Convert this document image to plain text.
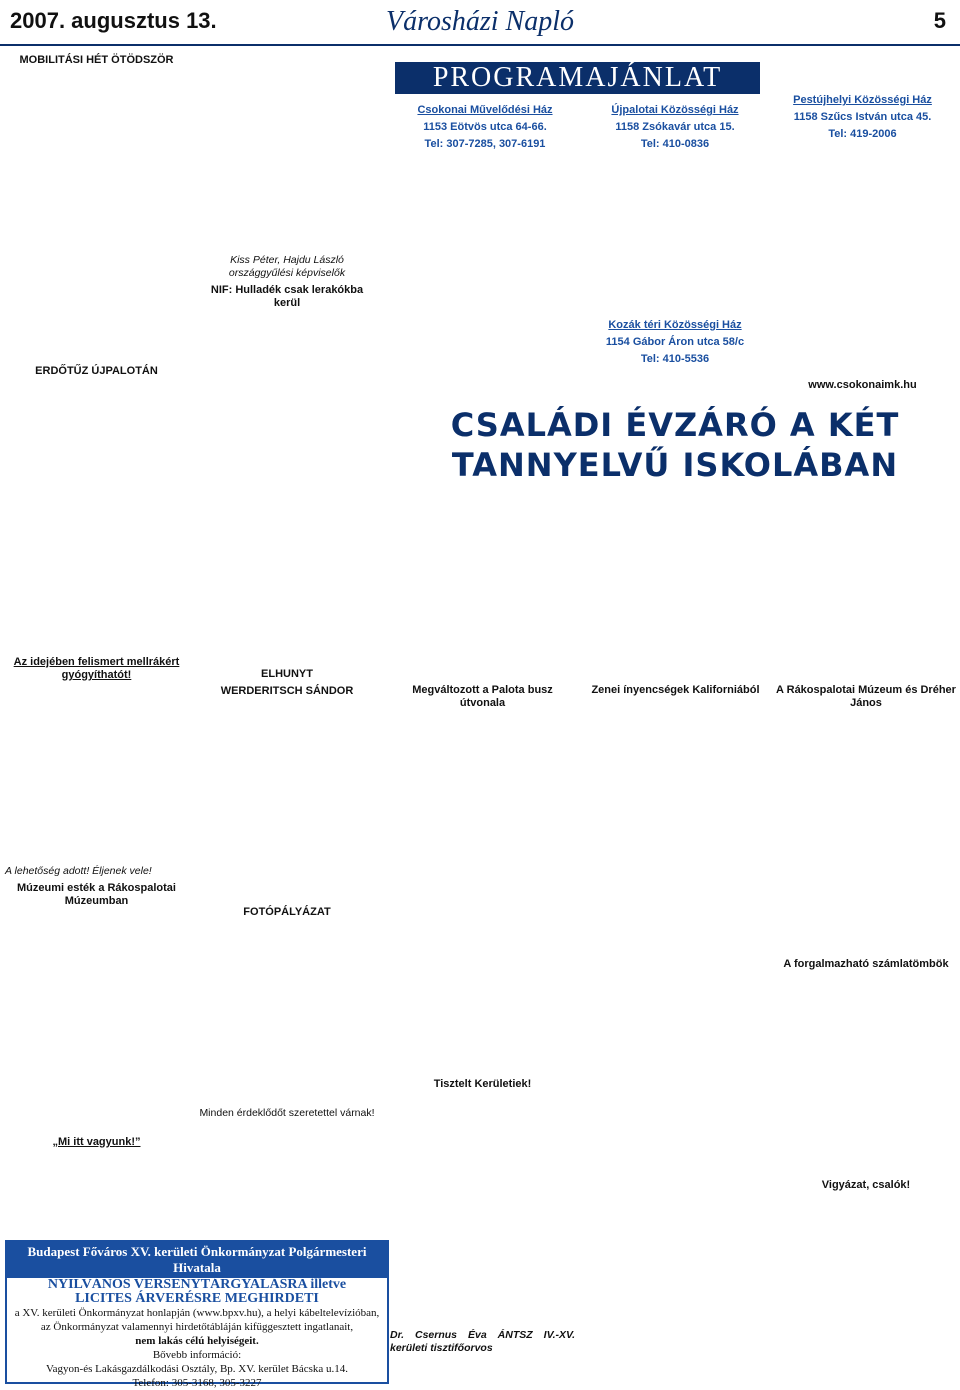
2007. augusztus 13.	Városházi Napló	5
MOBILITÁSI HÉT ÖTÖDSZÖR

ERDŐTŰZ ÚJPALOTÁN

Az idejében felismert mellrákért gyógyíthatót!

A lehetőség adott! Éljenek vele!

Múzeumi esték a Rákospalotai Múzeumban

„Mi itt vagyunk!”

Kiss Péter, Hajdu László országgyűlési képviselők

NIF: Hulladék csak lerakókba kerül

ELHUNYT
WERDERITSCH SÁNDOR

FOTÓPÁLYÁZAT

Minden érdeklődőt szeretettel várnak!

PROGRAMAJÁNLAT
Csokonai Művelődési Ház
1153 Eötvös utca 64-66.
Tel: 307-7285, 307-6191
Újpalotai Közösségi Ház
1158 Zsókavár utca 15.
Tel: 410-0836
Kozák téri Közösségi Ház
1154 Gábor Áron utca 58/c
Tel: 410-5536
Pestújhelyi Közösségi Ház
1158 Szűcs István utca 45.
Tel: 419-2006
www.csokonaimk.hu
CSALÁDI ÉVZÁRÓ A KÉT TANNYELVŰ ISKOLÁBAN
Megváltozott a Palota busz útvonala

Tisztelt Kerületiek!

Dr. Csernus Éva ÁNTSZ IV.-XV. kerületi tisztifőorvos

Zenei ínyencségek Kaliforniából	A Rákospalotai Múzeum és Dréher János

A forgalmazható számlatömbök

Vigyázat, csalók!
Budapest Főváros XV. kerületi Önkormányzat Polgármesteri Hivatala
NYILVÁNOS VERSENYTÁRGYALÁSRA illetve
LICITES ÁRVERÉSRE MEGHIRDETI
a XV. kerületi Önkormányzat honlapján (www.bpxv.hu), a helyi kábeltelevízióban,
az Önkormányzat valamennyi hirdetőtábláján kifüggesztett ingatlanait,
nem lakás célú helyiségeit.
Bővebb információ:
Vagyon-és Lakásgazdálkodási Osztály, Bp. XV. kerület Bácska u.14.
Telefon: 305-3168, 305-3227
